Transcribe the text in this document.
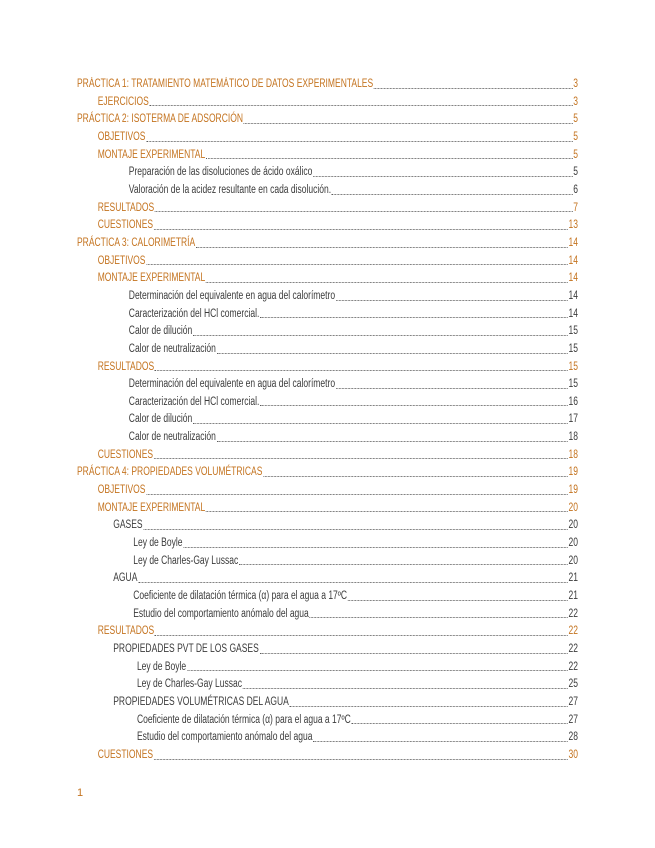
PRÁCTICA 1: TRATAMIENTO MATEMÁTICO DE DATOS EXPERIMENTALES	3
EJERCICIOS	3
PRÁCTICA 2: ISOTERMA DE ADSORCIÓN	5
OBJETIVOS	5
MONTAJE EXPERIMENTAL	5
Preparación de las disoluciones de ácido oxálico	5
Valoración de la acidez resultante en cada disolución.	6
RESULTADOS	7
CUESTIONES	13
PRÁCTICA 3: CALORIMETRÍA	14
OBJETIVOS	14
MONTAJE EXPERIMENTAL	14
Determinación del equivalente en agua del calorímetro	14
Caracterización del HCl comercial.	14
Calor de dilución	15
Calor de neutralización	15
RESULTADOS	15
Determinación del equivalente en agua del calorímetro	15
Caracterización del HCl comercial.	16
Calor de dilución	17
Calor de neutralización	18
CUESTIONES	18
PRÁCTICA 4: PROPIEDADES VOLUMÉTRICAS	19
OBJETIVOS	19
MONTAJE EXPERIMENTAL	20
GASES	20
Ley de Boyle	20
Ley de Charles-Gay Lussac	20
AGUA	21
Coeficiente de dilatación térmica (α) para el agua a 17ºC	21
Estudio del comportamiento anómalo del agua	22
RESULTADOS	22
PROPIEDADES PVT DE LOS GASES	22
Ley de Boyle	22
Ley de Charles-Gay Lussac	25
PROPIEDADES VOLUMÉTRICAS DEL AGUA	27
Coeficiente de dilatación térmica (α) para el agua a 17ºC	27
Estudio del comportamiento anómalo del agua	28
CUESTIONES	30
1
